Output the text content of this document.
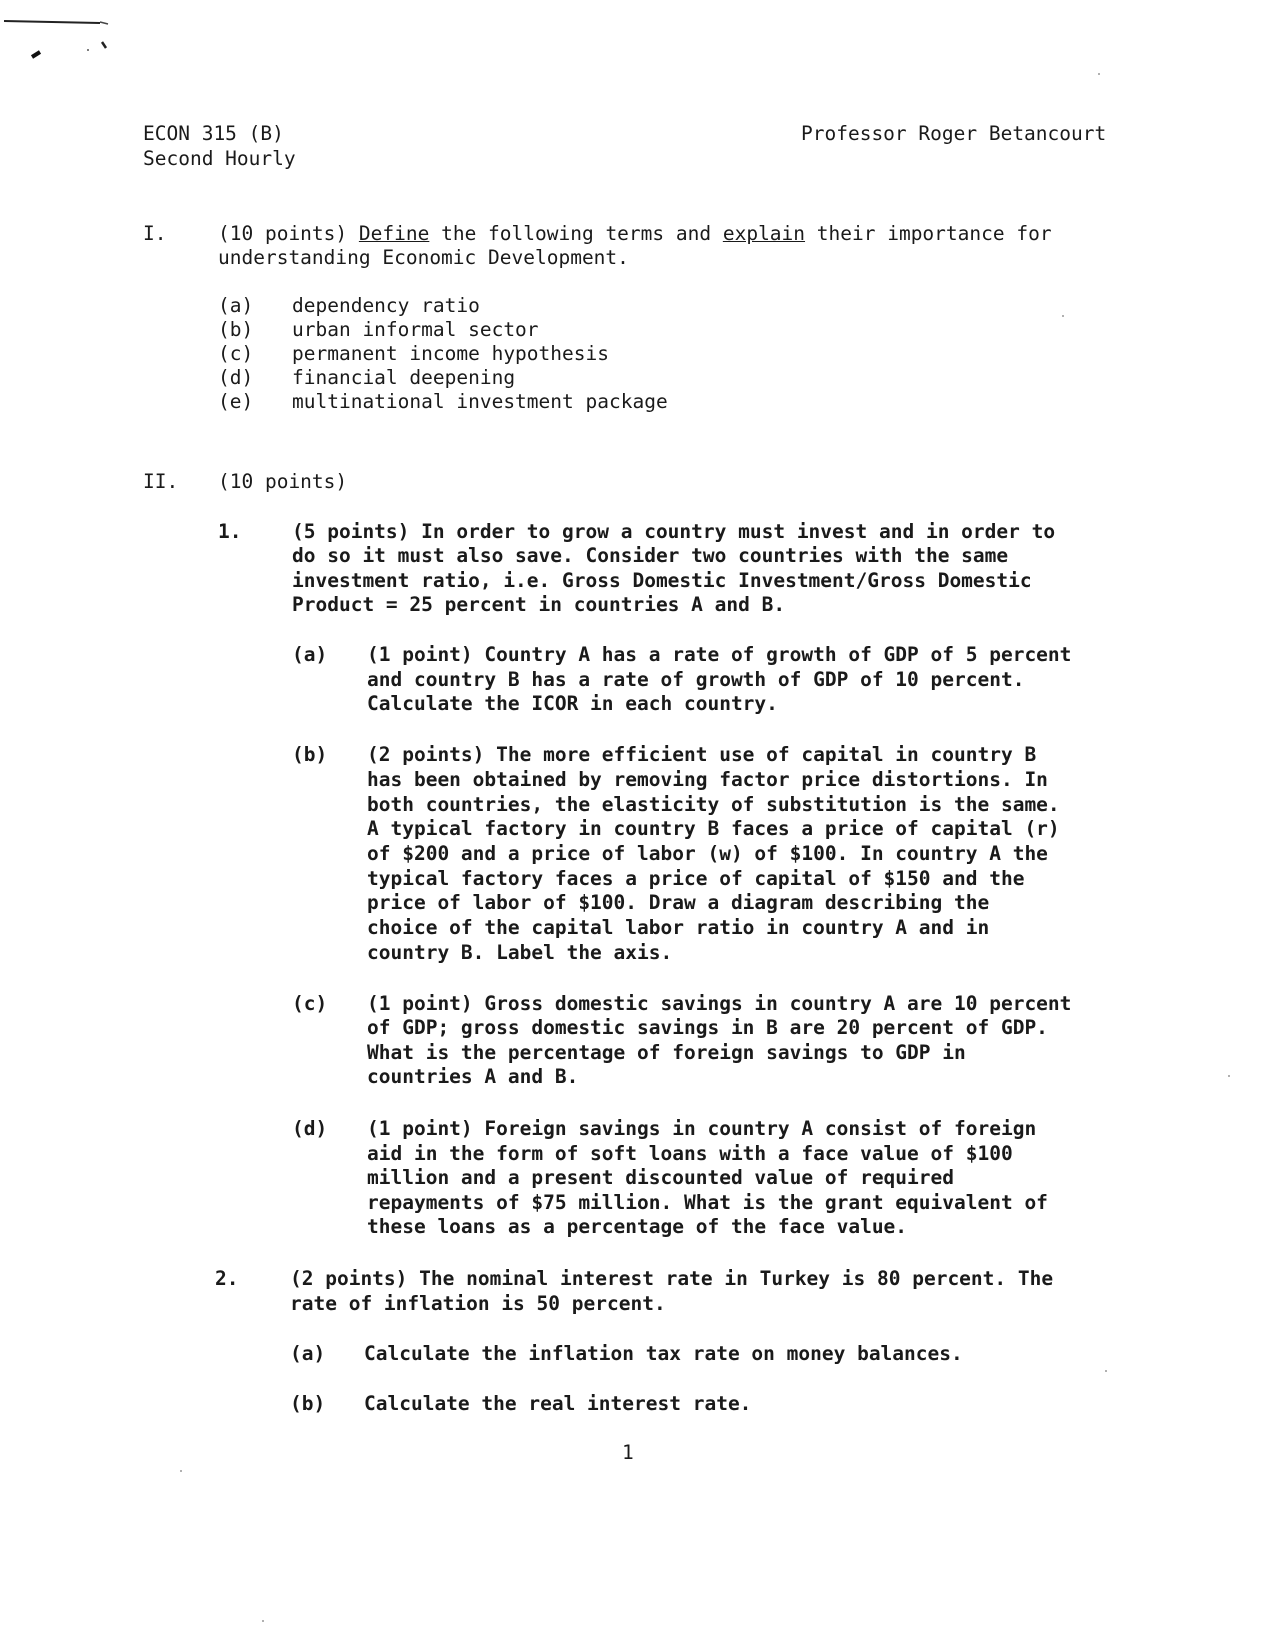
ECON 315 (B)
Second Hourly
Professor Roger Betancourt
I.	(10 points) Define the following terms and explain their importance for
understanding Economic Development.
(a) dependency ratio
(b) urban informal sector
(c) permanent income hypothesis
(d) financial deepening
(e) multinational investment package
II. (10 points)
1.	(5 points) In order to grow a country must invest and in order to
do so it must also save. Consider two countries with the same
investment ratio, i.e. Gross Domestic Investment/Gross Domestic
Product = 25 percent in countries A and B.
(a) (1 point) Country A has a rate of growth of GDP of 5 percent
and country B has a rate of growth of GDP of 10 percent.
Calculate the ICOR in each country.
(b) (2 points) The more efficient use of capital in country B
has been obtained by removing factor price distortions. In
both countries, the elasticity of substitution is the same.
A typical factory in country B faces a price of capital (r)
of $200 and a price of labor (w) of $100. In country A the
typical factory faces a price of capital of $150 and the
price of labor of $100. Draw a diagram describing the
choice of the capital labor ratio in country A and in
country B. Label the axis.
(c) (1 point) Gross domestic savings in country A are 10 percent
of GDP; gross domestic savings in B are 20 percent of GDP.
What is the percentage of foreign savings to GDP in
countries A and B.
(d) (1 point) Foreign savings in country A consist of foreign
aid in the form of soft loans with a face value of $100
million and a present discounted value of required
repayments of $75 million. What is the grant equivalent of
these loans as a percentage of the face value.
2.	(2 points) The nominal interest rate in Turkey is 80 percent. The
rate of inflation is 50 percent.
(a) Calculate the inflation tax rate on money balances.
(b) Calculate the real interest rate.
1
